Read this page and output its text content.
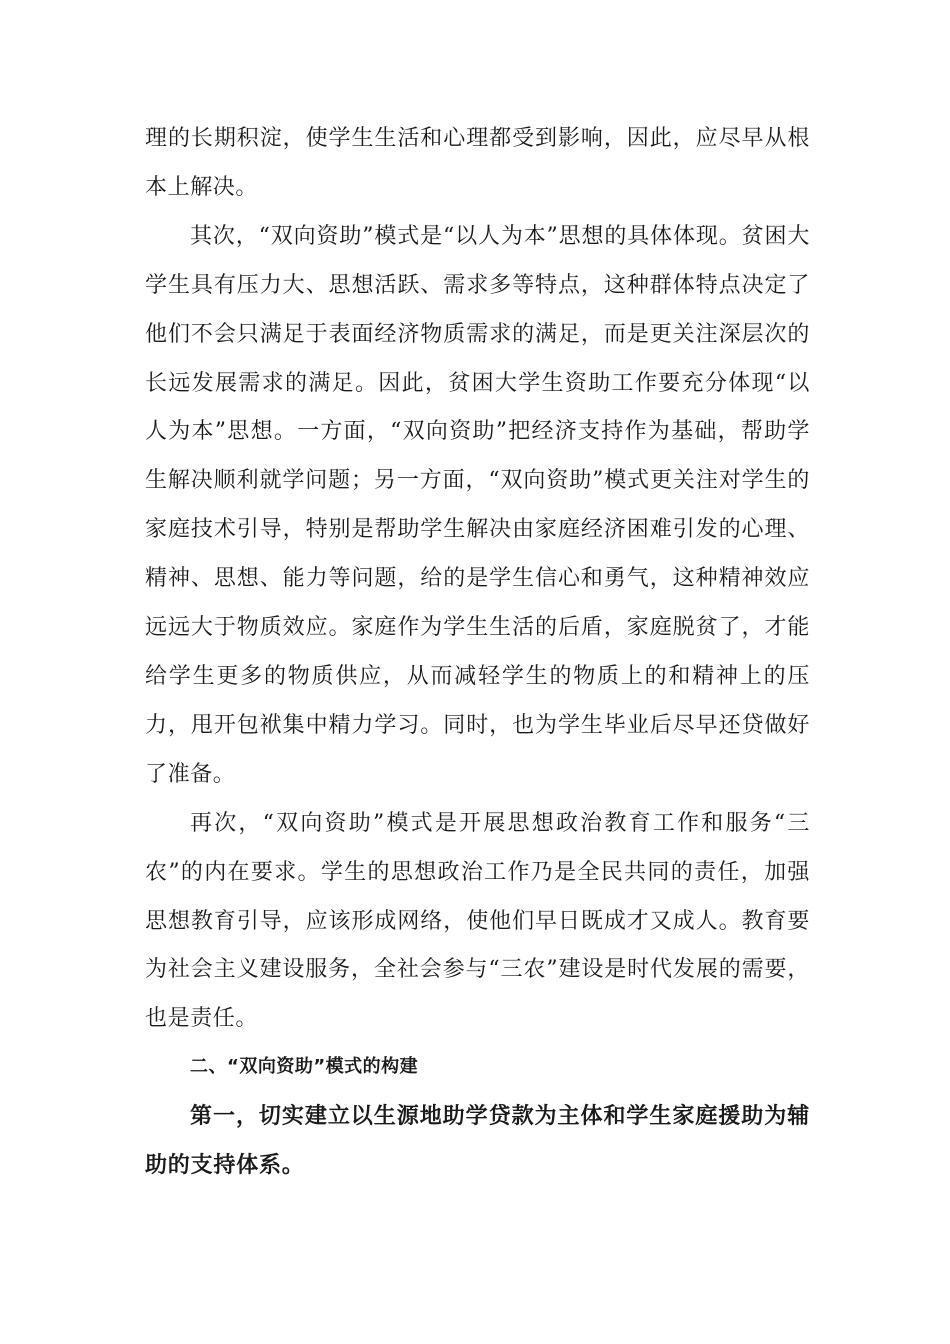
理的长期积淀，使学生生活和心理都受到影响，因此，应尽早从根本上解决。

其次，“双向资助”模式是“以人为本”思想的具体体现。贫困大学生具有压力大、思想活跃、需求多等特点，这种群体特点决定了他们不会只满足于表面经济物质需求的满足，而是更关注深层次的长远发展需求的满足。因此，贫困大学生资助工作要充分体现“以人为本”思想。一方面，“双向资助”把经济支持作为基础，帮助学生解决顺利就学问题；另一方面，“双向资助”模式更关注对学生的家庭技术引导，特别是帮助学生解决由家庭经济困难引发的心理、精神、思想、能力等问题，给的是学生信心和勇气，这种精神效应远远大于物质效应。家庭作为学生生活的后盾，家庭脱贫了，才能给学生更多的物质供应，从而减轻学生的物质上的和精神上的压力，甩开包袱集中精力学习。同时，也为学生毕业后尽早还贷做好了准备。

再次，“双向资助”模式是开展思想政治教育工作和服务“三农”的内在要求。学生的思想政治工作乃是全民共同的责任，加强思想教育引导，应该形成网络，使他们早日既成才又成人。教育要为社会主义建设服务，全社会参与“三农”建设是时代发展的需要，也是责任。

二、“双向资助”模式的构建

第一，切实建立以生源地助学贷款为主体和学生家庭援助为辅助的支持体系。
